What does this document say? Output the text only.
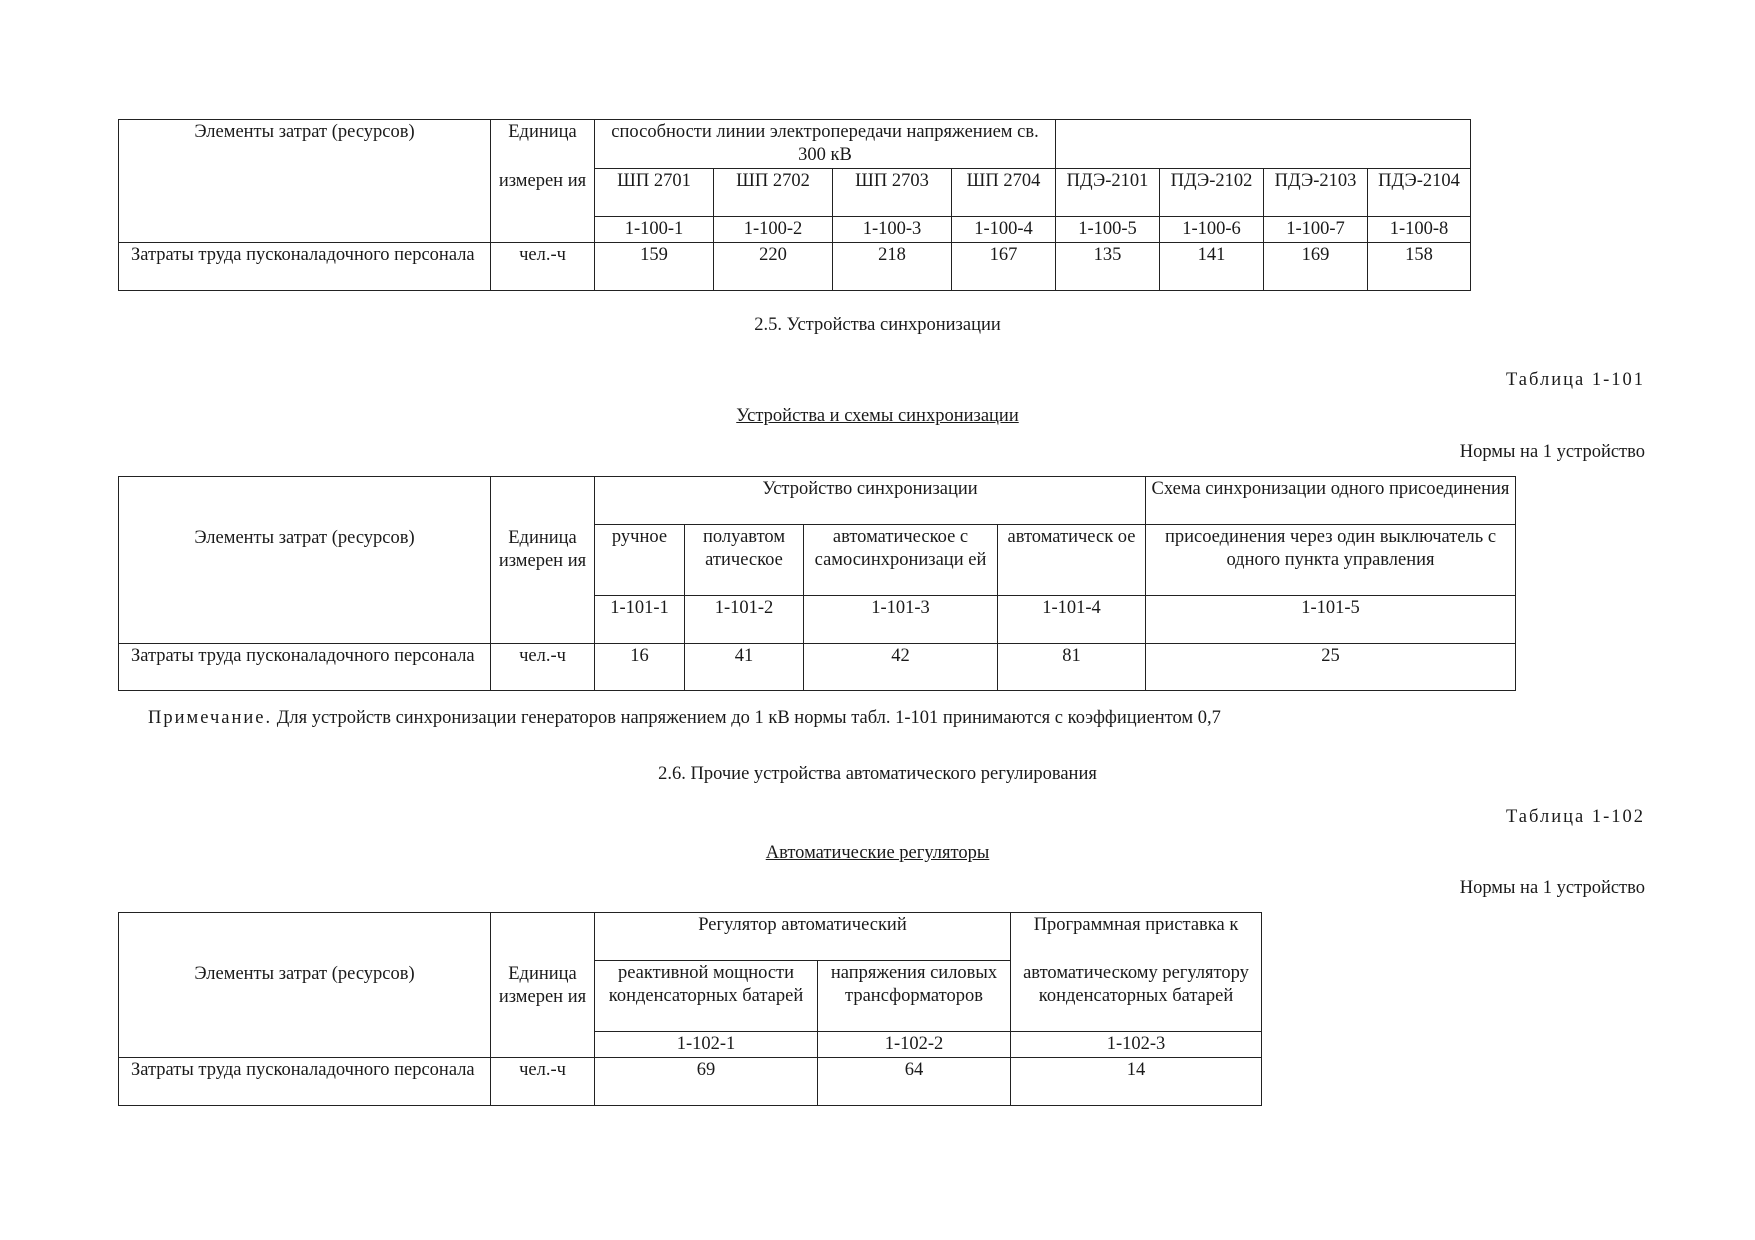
Элементы затрат (ресурсов)	Единица	способности линии электропередачи напряжением св. 300 кВ							
	измерен ия	ШП 2701	ШП 2702	ШП 2703	ШП 2704	ПДЭ-2101	ПДЭ-2102	ПДЭ-2103	ПДЭ-2104
		1-100-1	1-100-2	1-100-3	1-100-4	1-100-5	1-100-6	1-100-7	1-100-8
Затраты труда пусконаладочного персонала	чел.-ч	159	220	218	167	135	141	169	158
2.5. Устройства синхронизации
Таблица 1-101
Устройства и схемы синхронизации
Нормы на 1 устройство
Элементы затрат (ресурсов)	Единица измерен ия	Устройство синхронизации				Схема синхронизации одного присоединения
		ручное	полуавтом атическое	автоматическое с самосинхронизаци ей	автоматическ ое	присоединения через один выключатель с одного пункта управления
		1-101-1	1-101-2	1-101-3	1-101-4	1-101-5
Затраты труда пусконаладочного персонала	чел.-ч	16	41	42	81	25
Примечание. Для устройств синхронизации генераторов напряжением до 1 кВ нормы табл. 1-101 принимаются с коэффициентом 0,7
2.6. Прочие устройства автоматического регулирования
Таблица 1-102
Автоматические регуляторы
Нормы на 1 устройство
Элементы затрат (ресурсов)	Единица измерен ия	Регулятор автоматический		Программная приставка к
		реактивной мощности конденсаторных батарей	напряжения силовых трансформаторов	автоматическому регулятору конденсаторных батарей
		1-102-1	1-102-2	1-102-3
Затраты труда пусконаладочного персонала	чел.-ч	69	64	14
